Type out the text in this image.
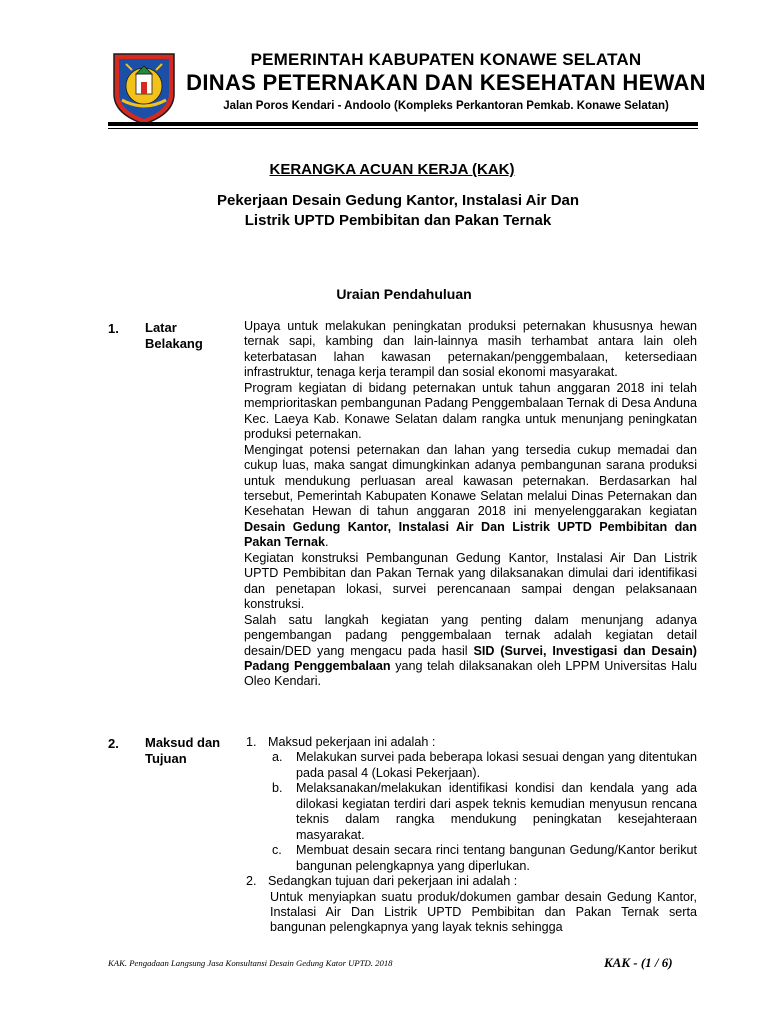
PEMERINTAH KABUPATEN KONAWE SELATAN
DINAS PETERNAKAN DAN KESEHATAN HEWAN
Jalan Poros Kendari - Andoolo (Kompleks Perkantoran Pemkab. Konawe Selatan)
KERANGKA ACUAN KERJA (KAK)
Pekerjaan Desain Gedung Kantor, Instalasi Air Dan
Listrik UPTD Pembibitan dan Pakan Ternak
Uraian Pendahuluan
1. Latar
Belakang

Upaya untuk melakukan peningkatan produksi peternakan khususnya hewan ternak sapi, kambing dan lain-lainnya masih terhambat antara lain oleh keterbatasan lahan kawasan peternakan/penggembalaan, ketersediaan infrastruktur, tenaga kerja terampil dan sosial ekonomi masyarakat.

Program kegiatan di bidang peternakan untuk tahun anggaran 2018 ini telah memprioritaskan pembangunan Padang Penggembalaan Ternak di Desa Anduna Kec. Laeya Kab. Konawe Selatan dalam rangka untuk menunjang peningkatan produksi peternakan.

Mengingat potensi peternakan dan lahan yang tersedia cukup memadai dan cukup luas, maka sangat dimungkinkan adanya pembangunan sarana produksi untuk mendukung perluasan areal kawasan peternakan. Berdasarkan hal tersebut, Pemerintah Kabupaten Konawe Selatan melalui Dinas Peternakan dan Kesehatan Hewan di tahun anggaran 2018 ini menyelenggarakan kegiatan Desain Gedung Kantor, Instalasi Air Dan Listrik UPTD Pembibitan dan Pakan Ternak.

Kegiatan konstruksi Pembangunan Gedung Kantor, Instalasi Air Dan Listrik UPTD Pembibitan dan Pakan Ternak yang dilaksanakan dimulai dari identifikasi dan penetapan lokasi, survei perencanaan sampai dengan pelaksanaan konstruksi.

Salah satu langkah kegiatan yang penting dalam menunjang adanya pengembangan padang penggembalaan ternak adalah kegiatan detail desain/DED yang mengacu pada hasil SID (Survei, Investigasi dan Desain) Padang Penggembalaan yang telah dilaksanakan oleh LPPM Universitas Halu Oleo Kendari.

2. Maksud dan
Tujuan
1. Maksud pekerjaan ini adalah :
a. Melakukan survei pada beberapa lokasi sesuai dengan yang ditentukan pada pasal 4 (Lokasi Pekerjaan).
b. Melaksanakan/melakukan identifikasi kondisi dan kendala yang ada dilokasi kegiatan terdiri dari aspek teknis kemudian menyusun rencana teknis dalam rangka mendukung peningkatan kesejahteraan masyarakat.
c. Membuat desain secara rinci tentang bangunan Gedung/Kantor berikut bangunan pelengkapnya yang diperlukan.
2. Sedangkan tujuan dari pekerjaan ini adalah :
Untuk menyiapkan suatu produk/dokumen gambar desain Gedung Kantor, Instalasi Air Dan Listrik UPTD Pembibitan dan Pakan Ternak serta bangunan pelengkapnya yang layak teknis sehingga
KAK. Pengadaan Langsung Jasa Konsultansi Desain Gedung Kator UPTD. 2018	KAK - (1 / 6)
